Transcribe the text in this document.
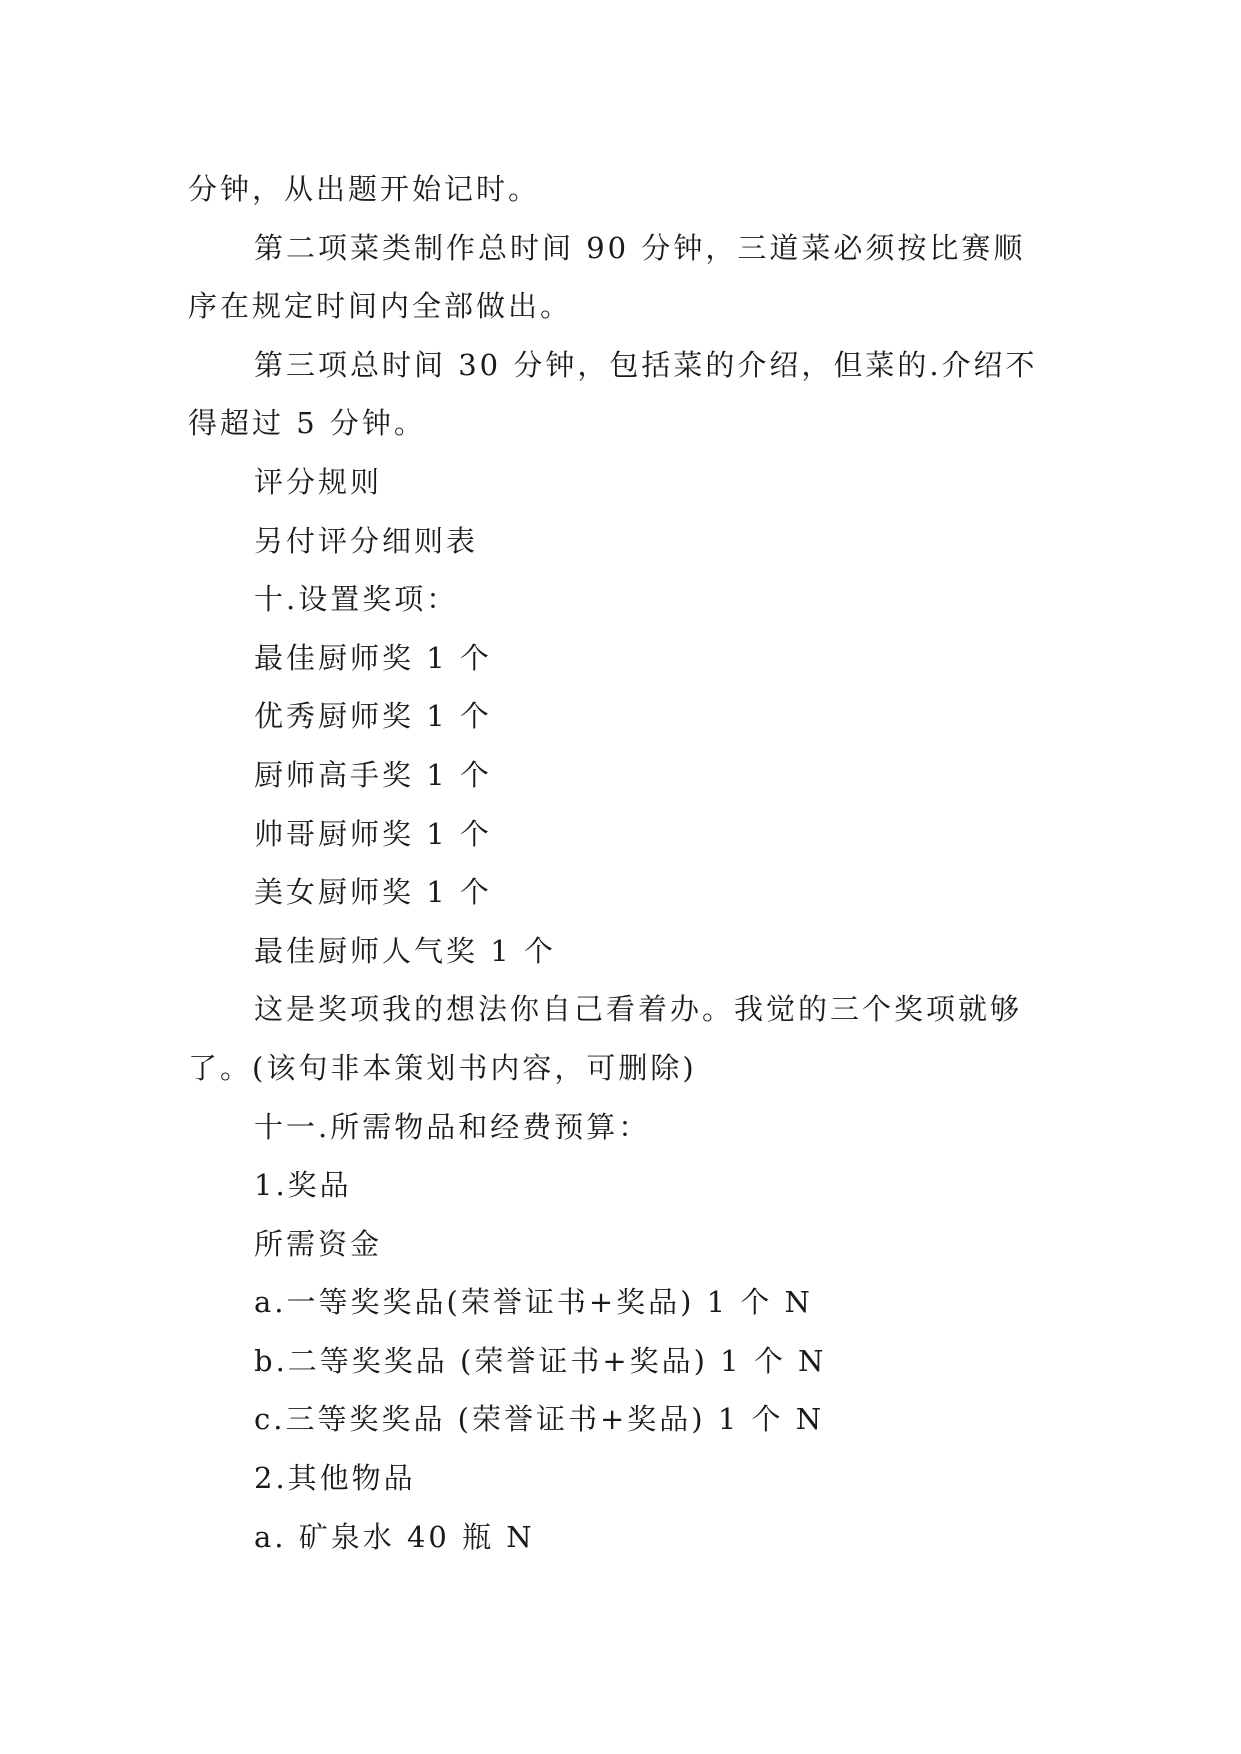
分钟，从出题开始记时。
第二项菜类制作总时间 90 分钟，三道菜必须按比赛顺
序在规定时间内全部做出。
第三项总时间 30 分钟，包括菜的介绍，但菜的.介绍不
得超过 5 分钟。
评分规则
另付评分细则表
十.设置奖项：
最佳厨师奖 1 个
优秀厨师奖 1 个
厨师高手奖 1 个
帅哥厨师奖 1 个
美女厨师奖 1 个
最佳厨师人气奖 1 个
这是奖项我的想法你自己看着办。我觉的三个奖项就够
了。(该句非本策划书内容，可删除)
十一.所需物品和经费预算：
1.奖品
所需资金
a.一等奖奖品(荣誉证书+奖品) 1 个 N
b.二等奖奖品 (荣誉证书+奖品) 1 个 N
c.三等奖奖品 (荣誉证书+奖品) 1 个 N
2.其他物品
a. 矿泉水 40 瓶 N
